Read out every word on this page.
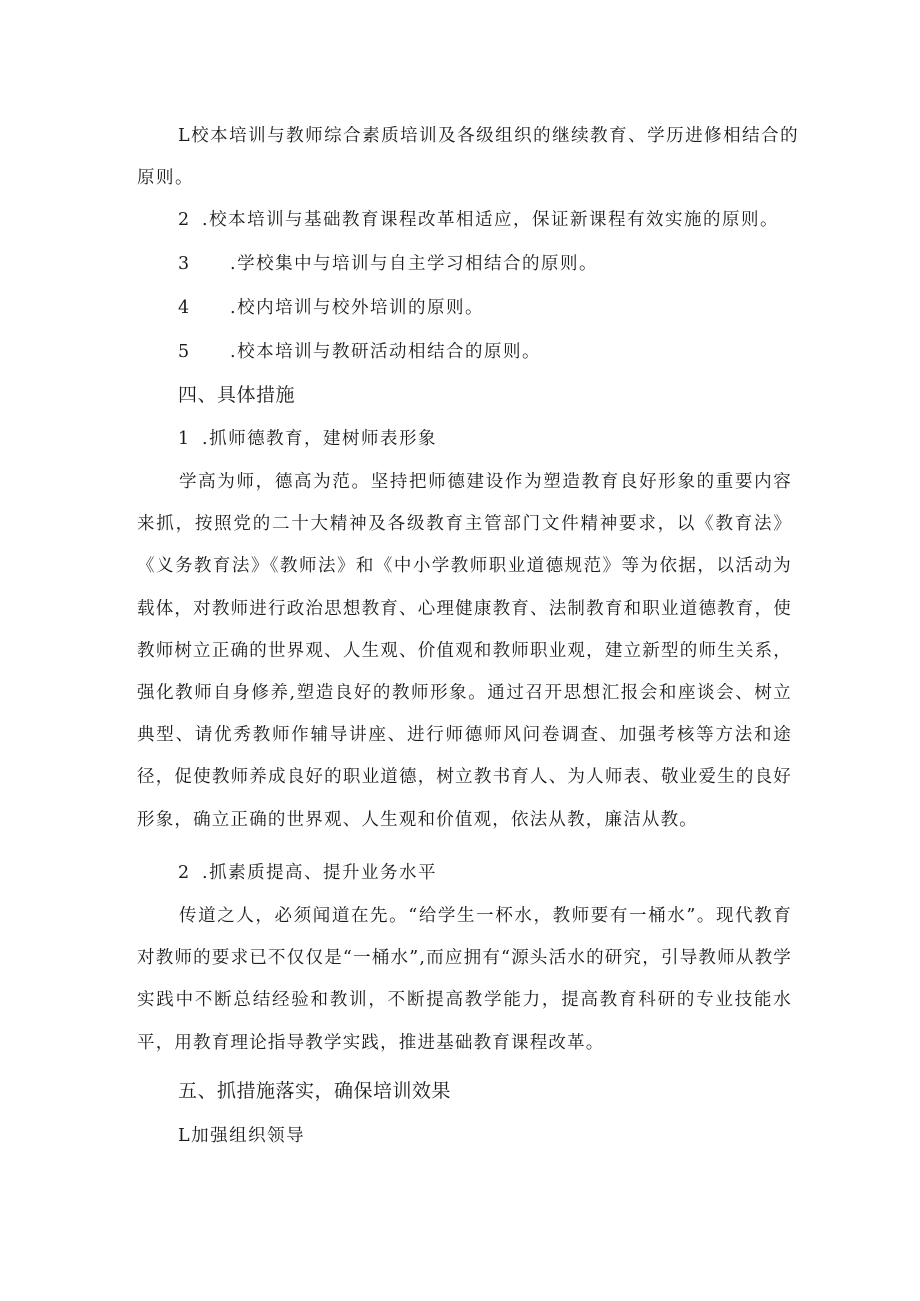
L校本培训与教师综合素质培训及各级组织的继续教育、学历进修相结合的
原则。
2 .校本培训与基础教育课程改革相适应，保证新课程有效实施的原则。
3 .学校集中与培训与自主学习相结合的原则。
4 .校内培训与校外培训的原则。
5 .校本培训与教研活动相结合的原则。
四、具体措施
1 .抓师德教育，建树师表形象
学高为师，德高为范。坚持把师德建设作为塑造教育良好形象的重要内容来抓，按照党的二十大精神及各级教育主管部门文件精神要求，以《教育法》《义务教育法》《教师法》和《中小学教师职业道德规范》等为依据，以活动为载体，对教师进行政治思想教育、心理健康教育、法制教育和职业道德教育，使教师树立正确的世界观、人生观、价值观和教师职业观，建立新型的师生关系，强化教师自身修养,塑造良好的教师形象。通过召开思想汇报会和座谈会、树立典型、请优秀教师作辅导讲座、进行师德师风问卷调查、加强考核等方法和途径，促使教师养成良好的职业道德，树立教书育人、为人师表、敬业爱生的良好形象，确立正确的世界观、人生观和价值观，依法从教，廉洁从教。
2 .抓素质提高、提升业务水平
传道之人，必须闻道在先。“给学生一杯水，教师要有一桶水”。现代教育对教师的要求已不仅仅是“一桶水”,而应拥有“源头活水的研究，引导教师从教学实践中不断总结经验和教训，不断提高教学能力，提高教育科研的专业技能水平，用教育理论指导教学实践，推进基础教育课程改革。
五、抓措施落实，确保培训效果
L加强组织领导
